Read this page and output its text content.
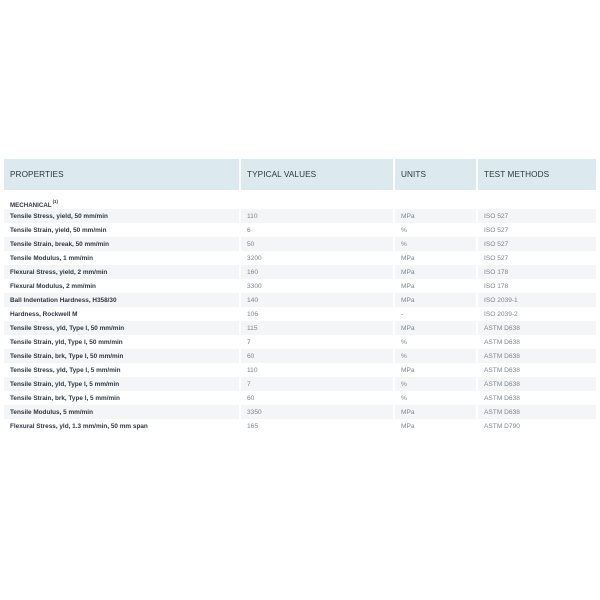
PROPERTIES	TYPICAL VALUES	UNITS	TEST METHODS
MECHANICAL$^{(1)}$
Tensile Stress, yield, 50 mm/min	110	MPa	ISO 527
Tensile Strain, yield, 50 mm/min	6	%	ISO 527
Tensile Strain, break, 50 mm/min	50	%	ISO 527
Tensile Modulus, 1 mm/min	3200	MPa	ISO 527
Flexural Stress, yield, 2 mm/min	160	MPa	ISO 178
Flexural Modulus, 2 mm/min	3300	MPa	ISO 178
Ball Indentation Hardness, H358/30	140	MPa	ISO 2039-1
Hardness, Rockwell M	106	-	ISO 2039-2
Tensile Stress, yld, Type I, 50 mm/min	115	MPa	ASTM D638
Tensile Strain, yld, Type I, 50 mm/min	7	%	ASTM D638
Tensile Strain, brk, Type I, 50 mm/min	60	%	ASTM D638
Tensile Stress, yld, Type I, 5 mm/min	110	MPa	ASTM D638
Tensile Strain, yld, Type I, 5 mm/min	7	%	ASTM D638
Tensile Strain, brk, Type I, 5 mm/min	60	%	ASTM D638
Tensile Modulus, 5 mm/min	3350	MPa	ASTM D638
Flexural Stress, yld, 1.3 mm/min, 50 mm span	165	MPa	ASTM D790
